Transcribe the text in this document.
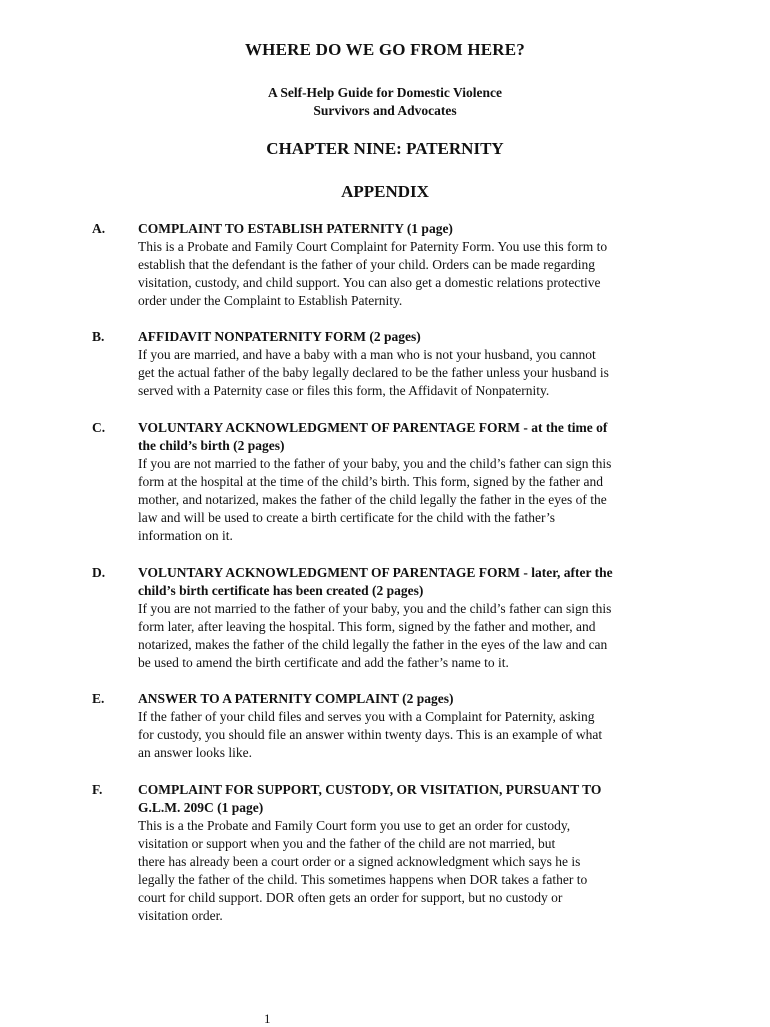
WHERE DO WE GO FROM HERE?
A Self-Help Guide for Domestic Violence
Survivors and Advocates
CHAPTER NINE: PATERNITY
APPENDIX
A. COMPLAINT TO ESTABLISH PATERNITY (1 page)

This is a Probate and Family Court Complaint for Paternity Form. You use this form to

establish that the defendant is the father of your child. Orders can be made regarding

visitation, custody, and child support. You can also get a domestic relations protective

order under the Complaint to Establish Paternity.

B. AFFIDAVIT NONPATERNITY FORM (2 pages)

If you are married, and have a baby with a man who is not your husband, you cannot

get the actual father of the baby legally declared to be the father unless your husband is

served with a Paternity case or files this form, the Affidavit of Nonpaternity.

C. VOLUNTARY ACKNOWLEDGMENT OF PARENTAGE FORM - at the time of

the child’s birth (2 pages)

If you are not married to the father of your baby, you and the child’s father can sign this

form at the hospital at the time of the child’s birth. This form, signed by the father and

mother, and notarized, makes the father of the child legally the father in the eyes of the

law and will be used to create a birth certificate for the child with the father’s

information on it.

D. VOLUNTARY ACKNOWLEDGMENT OF PARENTAGE FORM - later, after the

child’s birth certificate has been created (2 pages)

If you are not married to the father of your baby, you and the child’s father can sign this

form later, after leaving the hospital. This form, signed by the father and mother, and

notarized, makes the father of the child legally the father in the eyes of the law and can

be used to amend the birth certificate and add the father’s name to it.

E. ANSWER TO A PATERNITY COMPLAINT (2 pages)

If the father of your child files and serves you with a Complaint for Paternity, asking

for custody, you should file an answer within twenty days. This is an example of what

an answer looks like.

F.	COMPLAINT FOR SUPPORT, CUSTODY, OR VISITATION, PURSUANT TO

G.L.M. 209C (1 page)

This is a the Probate and Family Court form you use to get an order for custody,

visitation or support when you and the father of the child are not married, but

there has already been a court order or a signed acknowledgment which says he is

legally the father of the child. This sometimes happens when DOR takes a father to

court for child support. DOR often gets an order for support, but no custody or

visitation order.

1
